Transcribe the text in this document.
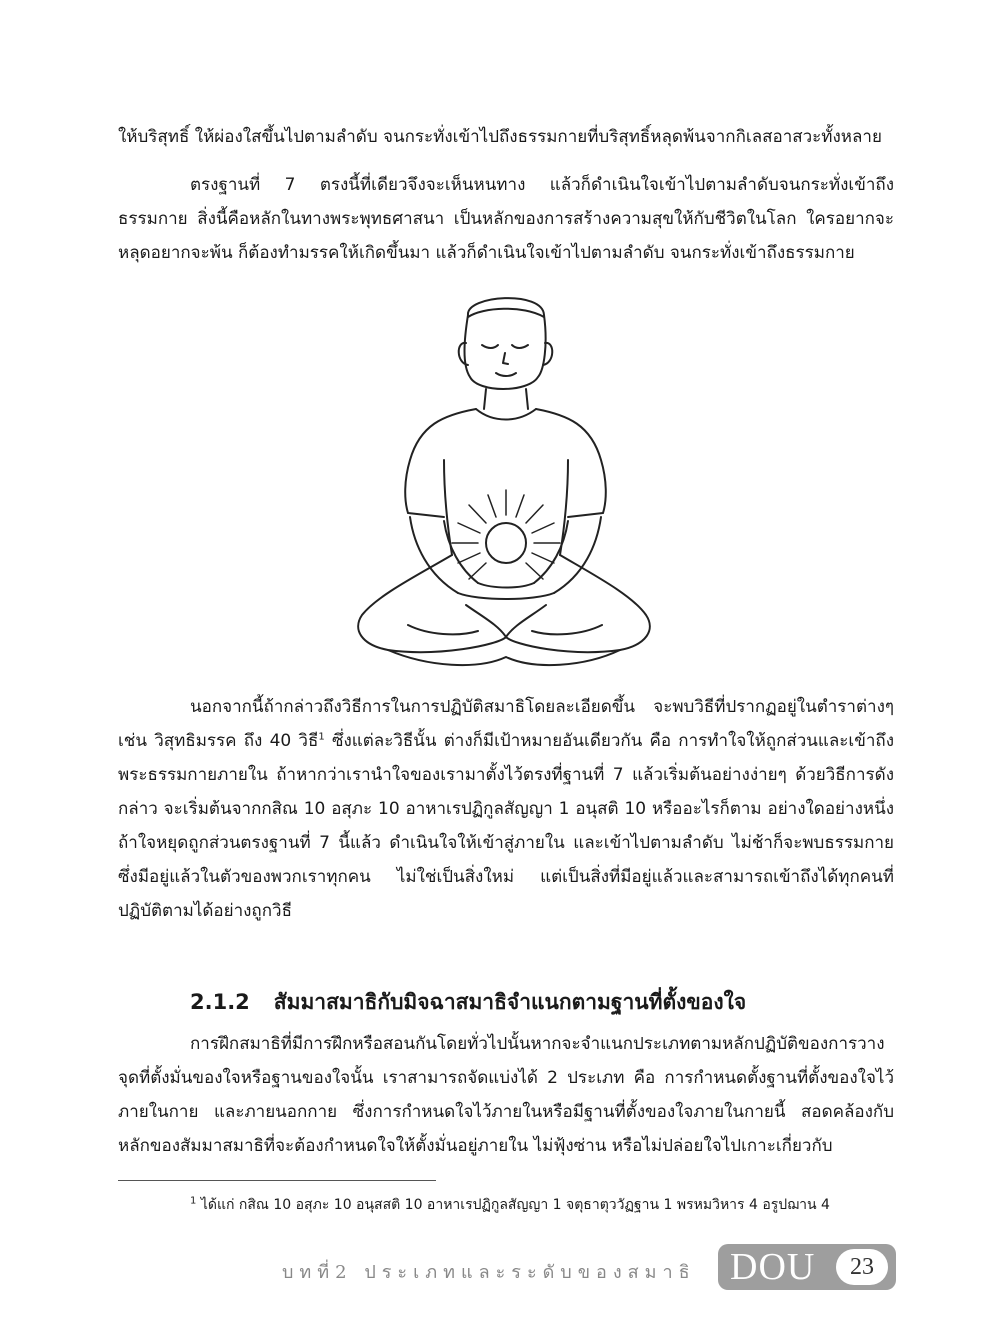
ให้บริสุทธิ์ ให้ผ่องใสขึ้นไปตามลำดับ จนกระทั่งเข้าไปถึงธรรมกายที่บริสุทธิ์หลุดพ้นจากกิเลสอาสวะทั้งหลาย

ตรงฐานที่ 7 ตรงนี้ที่เดียวจึงจะเห็นหนทาง แล้วก็ดำเนินใจเข้าไปตามลำดับจนกระทั่งเข้าถึงธรรมกาย สิ่งนี้คือหลักในทางพระพุทธศาสนา เป็นหลักของการสร้างความสุขให้กับชีวิตในโลก ใครอยากจะหลุดอยากจะพ้น ก็ต้องทำมรรคให้เกิดขึ้นมา แล้วก็ดำเนินใจเข้าไปตามลำดับ จนกระทั่งเข้าถึงธรรมกาย

นอกจากนี้ถ้ากล่าวถึงวิธีการในการปฏิบัติสมาธิโดยละเอียดขึ้น จะพบวิธีที่ปรากฏอยู่ในตำราต่างๆ เช่น วิสุทธิมรรค ถึง 40 วิธี$^1$ ซึ่งแต่ละวิธีนั้น ต่างก็มีเป้าหมายอันเดียวกัน คือ การทำใจให้ถูกส่วนและเข้าถึงพระธรรมกายภายใน ถ้าหากว่าเรานำใจของเรามาตั้งไว้ตรงที่ฐานที่ 7 แล้วเริ่มต้นอย่างง่ายๆ ด้วยวิธีการดังกล่าว จะเริ่มต้นจากกสิณ 10 อสุภะ 10 อาหาเรปฏิกูลสัญญา 1 อนุสติ 10 หรืออะไรก็ตาม อย่างใดอย่างหนึ่ง ถ้าใจหยุดถูกส่วนตรงฐานที่ 7 นี้แล้ว ดำเนินใจให้เข้าสู่ภายใน และเข้าไปตามลำดับ ไม่ช้าก็จะพบธรรมกาย ซึ่งมีอยู่แล้วในตัวของพวกเราทุกคน ไม่ใช่เป็นสิ่งใหม่ แต่เป็นสิ่งที่มีอยู่แล้วและสามารถเข้าถึงได้ทุกคนที่ปฏิบัติตามได้อย่างถูกวิธี

2.1.2 สัมมาสมาธิกับมิจฉาสมาธิจำแนกตามฐานที่ตั้งของใจ

การฝึกสมาธิที่มีการฝึกหรือสอนกันโดยทั่วไปนั้นหากจะจำแนกประเภทตามหลักปฏิบัติของการวางจุดที่ตั้งมั่นของใจหรือฐานของใจนั้น เราสามารถจัดแบ่งได้ 2 ประเภท คือ การกำหนดตั้งฐานที่ตั้งของใจไว้ภายในกาย และภายนอกกาย ซึ่งการกำหนดใจไว้ภายในหรือมีฐานที่ตั้งของใจภายในกายนี้ สอดคล้องกับหลักของสัมมาสมาธิที่จะต้องกำหนดใจให้ตั้งมั่นอยู่ภายใน ไม่ฟุ้งซ่าน หรือไม่ปล่อยใจไปเกาะเกี่ยวกับ

$^1$ ได้แก่ กสิณ 10 อสุภะ 10 อนุสสติ 10 อาหาเรปฏิกูลสัญญา 1 จตุธาตุววัฏฐาน 1 พรหมวิหาร 4 อรูปฌาน 4

บทที่2 ประเภทและระดับของสมาธิ DOU	23
